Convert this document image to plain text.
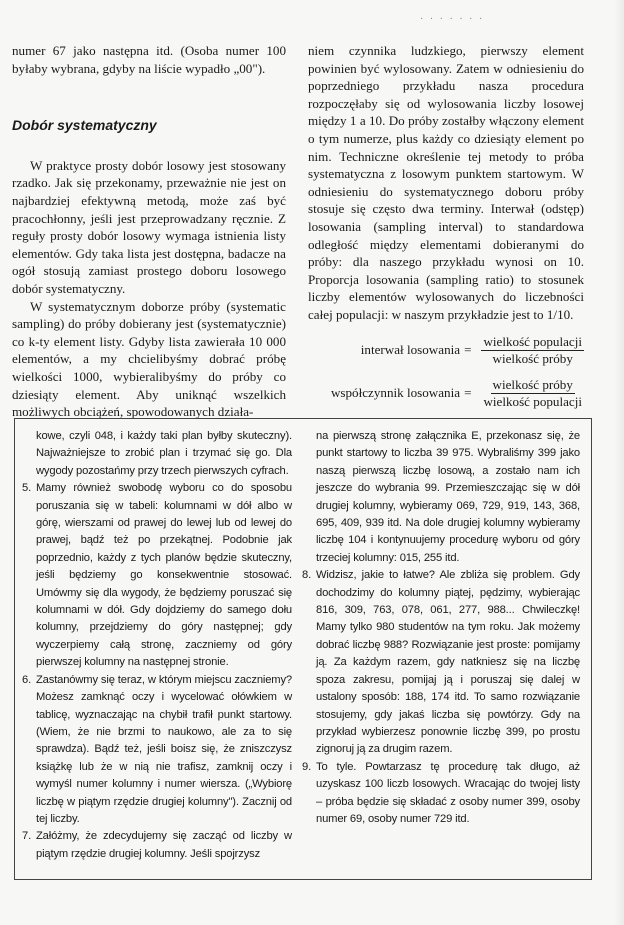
· · · · · · ·

numer 67 jako następna itd. (Osoba numer 100 byłaby wybrana, gdyby na liście wypadło „00").

Dobór systematyczny

W praktyce prosty dobór losowy jest stosowany rzadko. Jak się przekonamy, przeważnie nie jest on najbardziej efektywną metodą, może zaś być pracochłonny, jeśli jest przeprowadzany ręcznie. Z reguły prosty dobór losowy wymaga istnienia listy elementów. Gdy taka lista jest dostępna, badacze na ogół stosują zamiast prostego doboru losowego dobór systematyczny.

W systematycznym doborze próby (systematic sampling) do próby dobierany jest (systematycznie) co k-ty element listy. Gdyby lista zawierała 10 000 elementów, a my chcielibyśmy dobrać próbę wielkości 1000, wybieralibyśmy do próby co dziesiąty element. Aby uniknąć wszelkich możliwych obciążeń, spowodowanych działa-

niem czynnika ludzkiego, pierwszy element powinien być wylosowany. Zatem w odniesieniu do poprzedniego przykładu nasza procedura rozpoczęłaby się od wylosowania liczby losowej między 1 a 10. Do próby zostałby włączony element o tym numerze, plus każdy co dziesiąty element po nim. Techniczne określenie tej metody to próba systematyczna z losowym punktem startowym. W odniesieniu do systematycznego doboru próby stosuje się często dwa terminy. Interwał (odstęp) losowania (sampling interval) to standardowa odległość między elementami dobieranymi do próby: dla naszego przykładu wynosi on 10. Proporcja losowania (sampling ratio) to stosunek liczby elementów wylosowanych do liczebności całej populacji: w naszym przykładzie jest to 1/10.

interwał losowania = $\frac{\text{wielkość populacji}}{\text{wielkość próby}}$
współczynnik losowania = $\frac{\text{wielkość próby}}{\text{wielkość populacji}}$

kowe, czyli 048, i każdy taki plan byłby skuteczny). Najważniejsze to zrobić plan i trzymać się go. Dla wygody pozostańmy przy trzech pierwszych cyfrach.

5. Mamy również swobodę wyboru co do sposobu poruszania się w tabeli: kolumnami w dół albo w górę, wierszami od prawej do lewej lub od lewej do prawej, bądź też po przekątnej. Podobnie jak poprzednio, każdy z tych planów będzie skuteczny, jeśli będziemy go konsekwentnie stosować. Umówmy się dla wygody, że będziemy poruszać się kolumnami w dół. Gdy dojdziemy do samego dołu kolumny, przejdziemy do góry następnej; gdy wyczerpiemy całą stronę, zaczniemy od góry pierwszej kolumny na następnej stronie.
6. Zastanówmy się teraz, w którym miejscu zaczniemy? Możesz zamknąć oczy i wycelować ołówkiem w tablicę, wyznaczając na chybił trafił punkt startowy. (Wiem, że nie brzmi to naukowo, ale za to się sprawdza). Bądź też, jeśli boisz się, że zniszczysz książkę lub że w nią nie trafisz, zamknij oczy i wymyśl numer kolumny i numer wiersza. („Wybiorę liczbę w piątym rzędzie drugiej kolumny"). Zacznij od tej liczby.
7. Załóżmy, że zdecydujemy się zacząć od liczby w piątym rzędzie drugiej kolumny. Jeśli spojrzysz

na pierwszą stronę załącznika E, przekonasz się, że punkt startowy to liczba 39 975. Wybraliśmy 399 jako naszą pierwszą liczbę losową, a zostało nam ich jeszcze do wybrania 99. Przemieszczając się w dół drugiej kolumny, wybieramy 069, 729, 919, 143, 368, 695, 409, 939 itd. Na dole drugiej kolumny wybieramy liczbę 104 i kontynuujemy procedurę wyboru od góry trzeciej kolumny: 015, 255 itd.

8. Widzisz, jakie to łatwe? Ale zbliża się problem. Gdy dochodzimy do kolumny piątej, pędzimy, wybierając 816, 309, 763, 078, 061, 277, 988... Chwileczkę! Mamy tylko 980 studentów na tym roku. Jak możemy dobrać liczbę 988? Rozwiązanie jest proste: pomijamy ją. Za każdym razem, gdy natkniesz się na liczbę spoza zakresu, pomijaj ją i poruszaj się dalej w ustalony sposób: 188, 174 itd. To samo rozwiązanie stosujemy, gdy jakaś liczba się powtórzy. Gdy na przykład wybierzesz ponownie liczbę 399, po prostu zignoruj ją za drugim razem.
9. To tyle. Powtarzasz tę procedurę tak długo, aż uzyskasz 100 liczb losowych. Wracając do twojej listy – próba będzie się składać z osoby numer 399, osoby numer 69, osoby numer 729 itd.
